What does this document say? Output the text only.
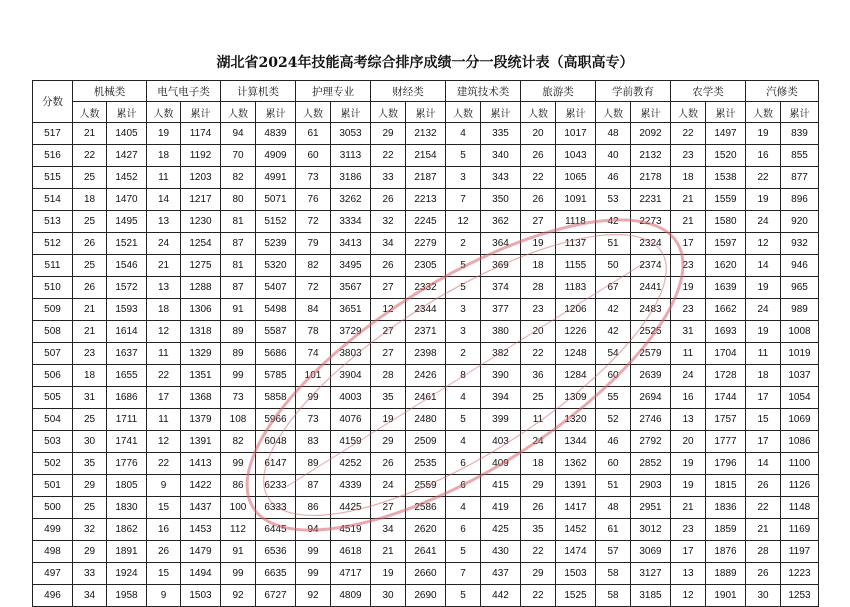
湖北省2024年技能高考综合排序成绩一分一段统计表（高职高专）
分数	机械类		电气电子类		计算机类		护理专业		财经类		建筑技术类		旅游类		学前教育		农学类		汽修类	
	人数	累计	人数	累计	人数	累计	人数	累计	人数	累计	人数	累计	人数	累计	人数	累计	人数	累计	人数	累计
517	21	1405	19	1174	94	4839	61	3053	29	2132	4	335	20	1017	48	2092	22	1497	19	839
516	22	1427	18	1192	70	4909	60	3113	22	2154	5	340	26	1043	40	2132	23	1520	16	855
515	25	1452	11	1203	82	4991	73	3186	33	2187	3	343	22	1065	46	2178	18	1538	22	877
514	18	1470	14	1217	80	5071	76	3262	26	2213	7	350	26	1091	53	2231	21	1559	19	896
513	25	1495	13	1230	81	5152	72	3334	32	2245	12	362	27	1118	42	2273	21	1580	24	920
512	26	1521	24	1254	87	5239	79	3413	34	2279	2	364	19	1137	51	2324	17	1597	12	932
511	25	1546	21	1275	81	5320	82	3495	26	2305	5	369	18	1155	50	2374	23	1620	14	946
510	26	1572	13	1288	87	5407	72	3567	27	2332	5	374	28	1183	67	2441	19	1639	19	965
509	21	1593	18	1306	91	5498	84	3651	12	2344	3	377	23	1206	42	2483	23	1662	24	989
508	21	1614	12	1318	89	5587	78	3729	27	2371	3	380	20	1226	42	2525	31	1693	19	1008
507	23	1637	11	1329	89	5686	74	3803	27	2398	2	382	22	1248	54	2579	11	1704	11	1019
506	18	1655	22	1351	99	5785	101	3904	28	2426	8	390	36	1284	60	2639	24	1728	18	1037
505	31	1686	17	1368	73	5858	99	4003	35	2461	4	394	25	1309	55	2694	16	1744	17	1054
504	25	1711	11	1379	108	5966	73	4076	19	2480	5	399	11	1320	52	2746	13	1757	15	1069
503	30	1741	12	1391	82	6048	83	4159	29	2509	4	403	24	1344	46	2792	20	1777	17	1086
502	35	1776	22	1413	99	6147	89	4252	26	2535	6	409	18	1362	60	2852	19	1796	14	1100
501	29	1805	9	1422	86	6233	87	4339	24	2559	6	415	29	1391	51	2903	19	1815	26	1126
500	25	1830	15	1437	100	6333	86	4425	27	2586	4	419	26	1417	48	2951	21	1836	22	1148
499	32	1862	16	1453	112	6445	94	4519	34	2620	6	425	35	1452	61	3012	23	1859	21	1169
498	29	1891	26	1479	91	6536	99	4618	21	2641	5	430	22	1474	57	3069	17	1876	28	1197
497	33	1924	15	1494	99	6635	99	4717	19	2660	7	437	29	1503	58	3127	13	1889	26	1223
496	34	1958	9	1503	92	6727	92	4809	30	2690	5	442	22	1525	58	3185	12	1901	30	1253
